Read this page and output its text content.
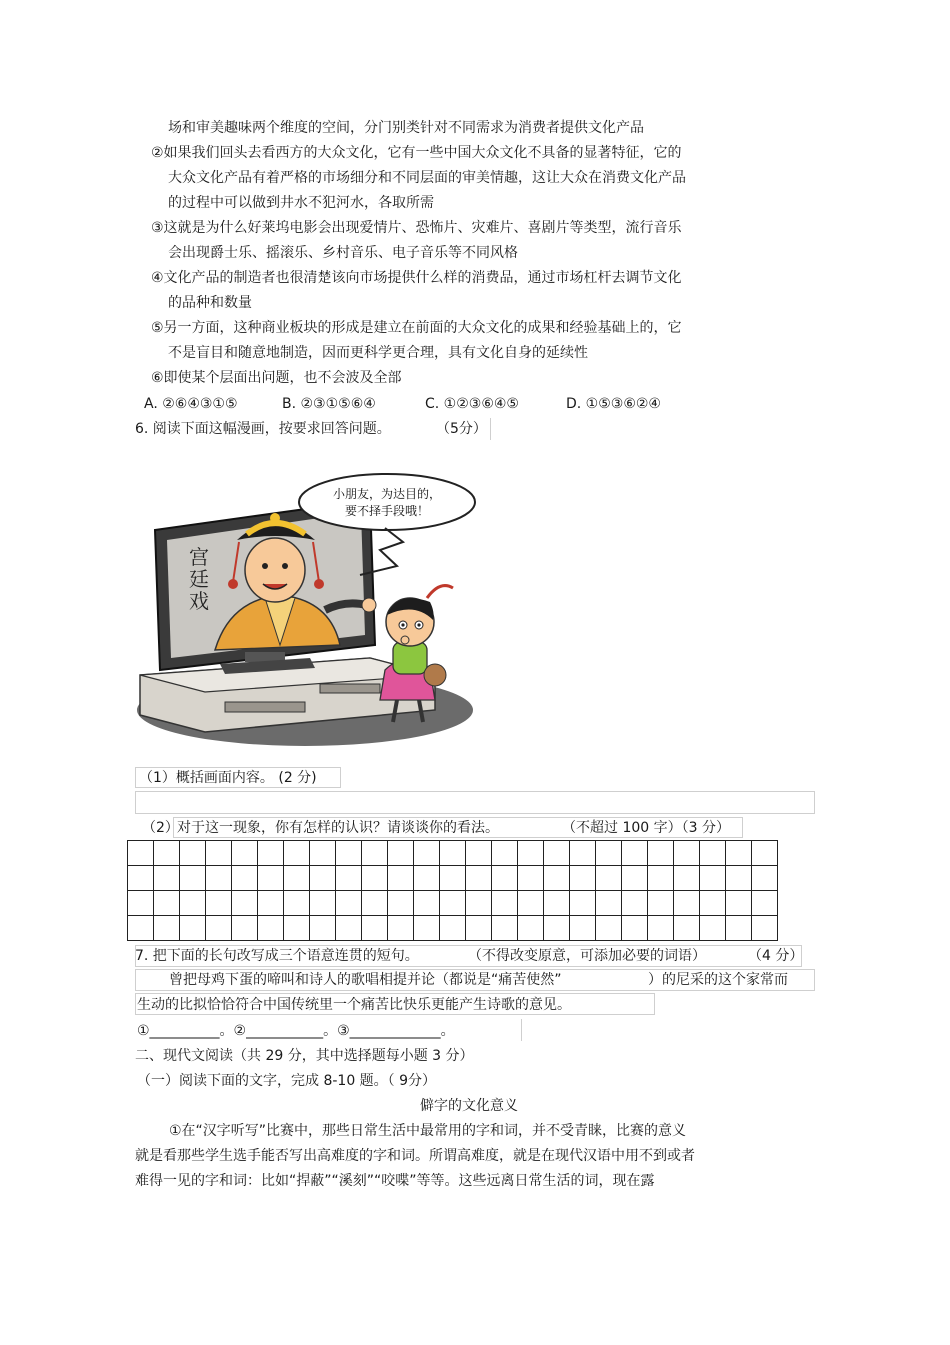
场和审美趣味两个维度的空间，分门别类针对不同需求为消费者提供文化产品
②如果我们回头去看西方的大众文化，它有一些中国大众文化不具备的显著特征，它的
大众文化产品有着严格的市场细分和不同层面的审美情趣，这让大众在消费文化产品
的过程中可以做到井水不犯河水，各取所需
③这就是为什么好莱坞电影会出现爱情片、恐怖片、灾难片、喜剧片等类型，流行音乐
会出现爵士乐、摇滚乐、乡村音乐、电子音乐等不同风格
④文化产品的制造者也很清楚该向市场提供什么样的消费品，通过市场杠杆去调节文化
的品种和数量
⑤另一方面，这种商业板块的形成是建立在前面的大众文化的成果和经验基础上的，它
不是盲目和随意地制造，因而更科学更合理，具有文化自身的延续性
⑥即使某个层面出问题，也不会波及全部
A. ②⑥④③①⑤	B. ②③①⑤⑥④	C. ①②③⑥④⑤	D. ①⑤③⑥②④
6. 阅读下面这幅漫画，按要求回答问题。	（5分）
宫
廷
戏
小朋友，为达目的，
要不择手段哦！
（1）概括画面内容。 (2 分)
（2）
对于这一现象，你有怎样的认识？请谈谈你的看法。	（不超过 100 字）（3 分）

7. 把下面的长句改写成三个语意连贯的短句。	（不得改变原意，可添加必要的词语）	（4 分）
曾把母鸡下蛋的啼叫和诗人的歌唱相提并论（都说是“痛苦使然”	）的尼采的这个家常而
生动的比拟恰恰符合中国传统里一个痛苦比快乐更能产生诗歌的意见。
①__________。②___________。③_____________。
二、现代文阅读（共 29 分，其中选择题每小题 3 分）
（一）阅读下面的文字，完成 8-10 题。（ 9分）
僻字的文化意义
①在“汉字听写”比赛中，那些日常生活中最常用的字和词，并不受青睐，比赛的意义
就是看那些学生选手能否写出高难度的字和词。所谓高难度，就是在现代汉语中用不到或者
难得一见的字和词：比如“捍蔽”“溪刻”“咬喋”等等。这些远离日常生活的词，现在露
